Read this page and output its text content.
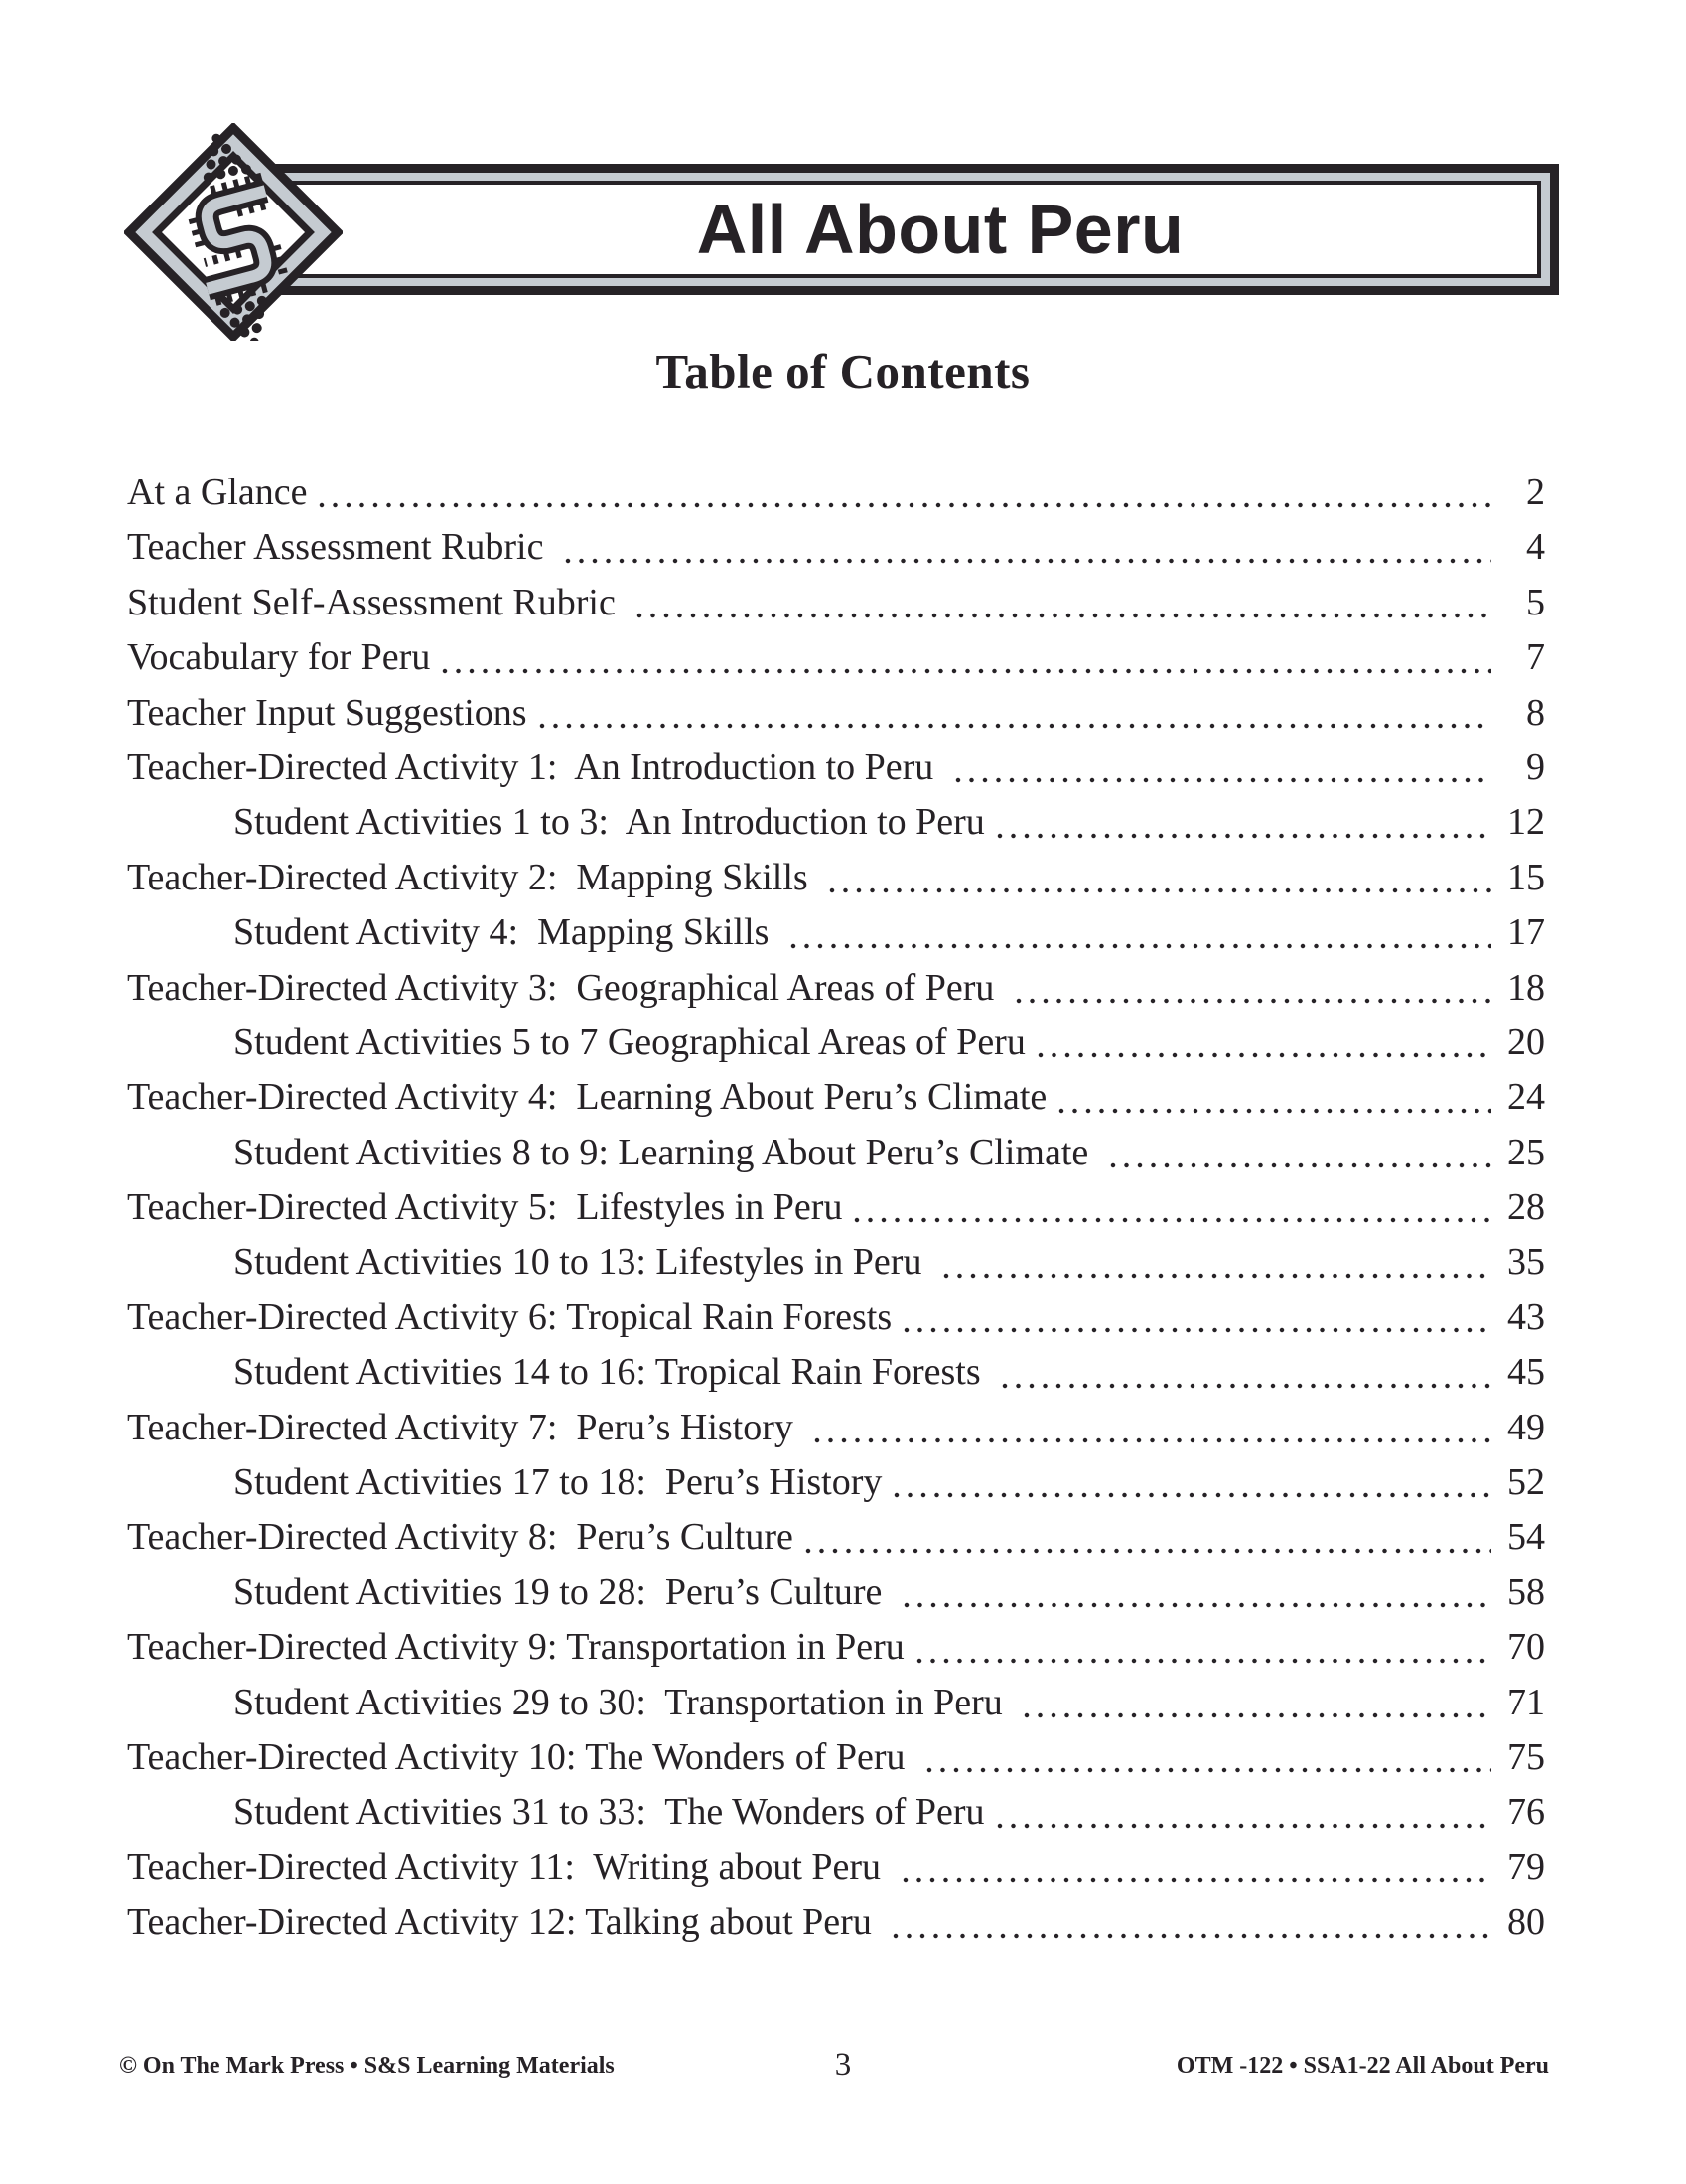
All About Peru
Table of Contents
At a Glance	2
Teacher Assessment Rubric	4
Student Self-Assessment Rubric	5
Vocabulary for Peru	7
Teacher Input Suggestions	8
Teacher-Directed Activity 1:  An Introduction to Peru	9
Student Activities 1 to 3:  An Introduction to Peru	12
Teacher-Directed Activity 2:  Mapping Skills	15
Student Activity 4:  Mapping Skills	17
Teacher-Directed Activity 3:  Geographical Areas of Peru	18
Student Activities 5 to 7 Geographical Areas of Peru	20
Teacher-Directed Activity 4:  Learning About Peru’s Climate	24
Student Activities 8 to 9: Learning About Peru’s Climate	25
Teacher-Directed Activity 5:  Lifestyles in Peru	28
Student Activities 10 to 13: Lifestyles in Peru	35
Teacher-Directed Activity 6: Tropical Rain Forests	43
Student Activities 14 to 16: Tropical Rain Forests	45
Teacher-Directed Activity 7:  Peru’s History	49
Student Activities 17 to 18:  Peru’s History	52
Teacher-Directed Activity 8:  Peru’s Culture	54
Student Activities 19 to 28:  Peru’s Culture	58
Teacher-Directed Activity 9: Transportation in Peru	70
Student Activities 29 to 30:  Transportation in Peru	71
Teacher-Directed Activity 10: The Wonders of Peru	75
Student Activities 31 to 33:  The Wonders of Peru	76
Teacher-Directed Activity 11:  Writing about Peru	79
Teacher-Directed Activity 12: Talking about Peru	80
3
© On The Mark Press • S&S Learning Materials	OTM -122 • SSA1-22 All About Peru
